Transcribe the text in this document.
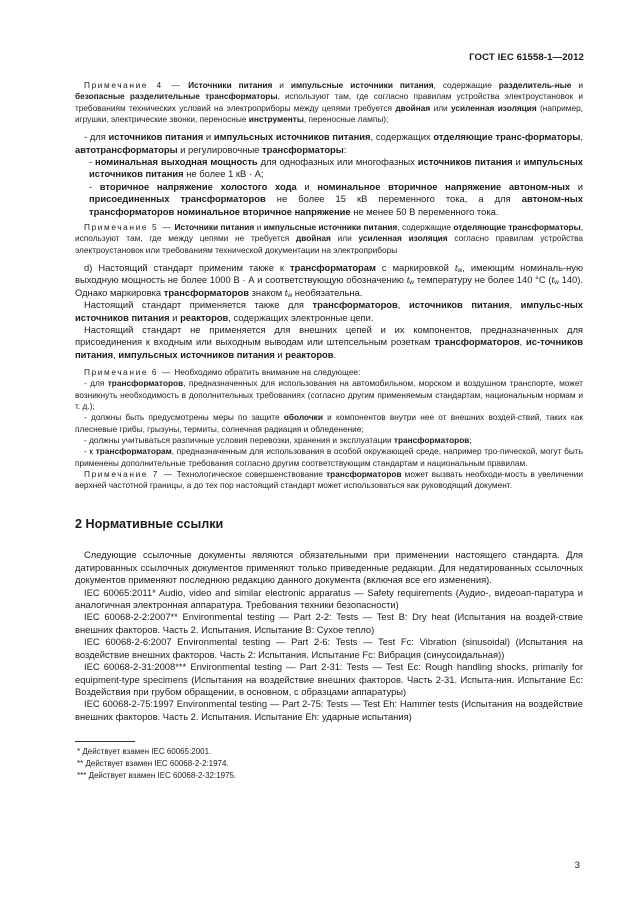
ГОСТ IEC 61558-1—2012

Примечание 4 — Источники питания и импульсные источники питания, содержащие разделитель-ные и безопасные разделительные трансформаторы, используют там, где согласно правилам устройства электроустановок и требованиям технических условий на электроприборы между цепями требуется двойная или усиленная изоляция (например, игрушки, электрические звонки, переносные инструменты, переносные лампы);

- для источников питания и импульсных источников питания, содержащих отделяющие транс-форматоры, автотрансформаторы и регулировочные трансформаторы:

- номинальная выходная мощность для однофазных или многофазных источников питания и импульсных источников питания не более 1 кВ · А;

- вторичное напряжение холостого хода и номинальное вторичное напряжение автоном-ных и присоединенных трансформаторов не более 15 кВ переменного тока, а для автоном-ных трансформаторов номинальное вторичное напряжение не менее 50 В переменного тока.

Примечание 5 — Источники питания и импульсные источники питания, содержащие отделяющие трансформаторы, используют там, где между цепями не требуется двойная или усиленная изоляция согласно правилам устройства электроустановок или требованиям технической документации на электроприборы

d) Настоящий стандарт применим также к трансформаторам с маркировкой $t_w$, имеющим номиналь-ную выходную мощность не более 1000 В · А и соответствующую обозначению $t_w$ температуру не более 140 °С ($t_w$ 140). Однако маркировка трансформаторов знаком $t_w$ необязательна.

Настоящий стандарт применяется также для трансформаторов, источников питания, импульс-ных источников питания и реакторов, содержащих электронные цепи.

Настоящий стандарт не применяется для внешних цепей и их компонентов, предназначенных для присоединения к входным или выходным выводам или штепсельным розеткам трансформаторов, ис-точников питания, импульсных источников питания и реакторов.

Примечание 6 — Необходимо обратить внимание на следующее:

- для трансформаторов, предназначенных для использования на автомобильном, морском и воздушном транспорте, может возникнуть необходимость в дополнительных требованиях (согласно другим применяемым стандартам, национальным нормам и т. д.);

- должны быть предусмотрены меры по защите оболочки и компонентов внутри нее от внешних воздей-ствий, таких как плесневые грибы, грызуны, термиты, солнечная радиация и обледенение;

- должны учитываться различные условия перевозки, хранения и эксплуатации трансформаторов;

- к трансформаторам, предназначенным для использования в особой окружающей среде, например тро-пической, могут быть применены дополнительные требования согласно другим соответствующим стандартам и национальным правилам.

Примечание 7 — Технологическое совершенствование трансформаторов может вызвать необходи-мость в увеличении верхней частотной границы, а до тех пор настоящий стандарт может использоваться как руководящий документ.

2 Нормативные ссылки

Следующие ссылочные документы являются обязательными при применении настоящего стандарта. Для датированных ссылочных документов применяют только приведенные редакции. Для недатированных ссылочных документов применяют последнюю редакцию данного документа (включая все его изменения).

IEC 60065:2011* Audio, video and similar electronic apparatus — Safety requirements (Аудио-, видеоап-паратура и аналогичная электронная аппаратура. Требования техники безопасности)

IEC 60068-2-2:2007** Environmental testing — Part 2-2: Tests — Test B: Dry heat (Испытания на воздей-ствие внешних факторов. Часть 2. Испытания. Испытание B: Сухое тепло)

IEC 60068-2-6:2007 Environmental testing — Part 2-6: Tests — Test Fc: Vibration (sinusoidal) (Испытания на воздействие внешних факторов. Часть 2: Испытания. Испытание Fc: Вибрация (синусоидальная))

IEC 60068-2-31:2008*** Environmental testing — Part 2-31: Tests — Test Ec: Rough handling shocks, primarily for equipment-type specimens (Испытания на воздействие внешних факторов. Часть 2-31. Испыта-ния. Испытание Ec: Воздействия при грубом обращении, в основном, с образцами аппаратуры)

IEC 60068-2-75:1997 Environmental testing — Part 2-75: Tests — Test Eh: Hammer tests (Испытания на воздействие внешних факторов. Часть 2. Испытания. Испытание Eh: ударные испытания)

* Действует взамен IEC 60065:2001.
** Действует взамен IEC 60068-2-2:1974.
*** Действует взамен IEC 60068-2-32:1975.
3
